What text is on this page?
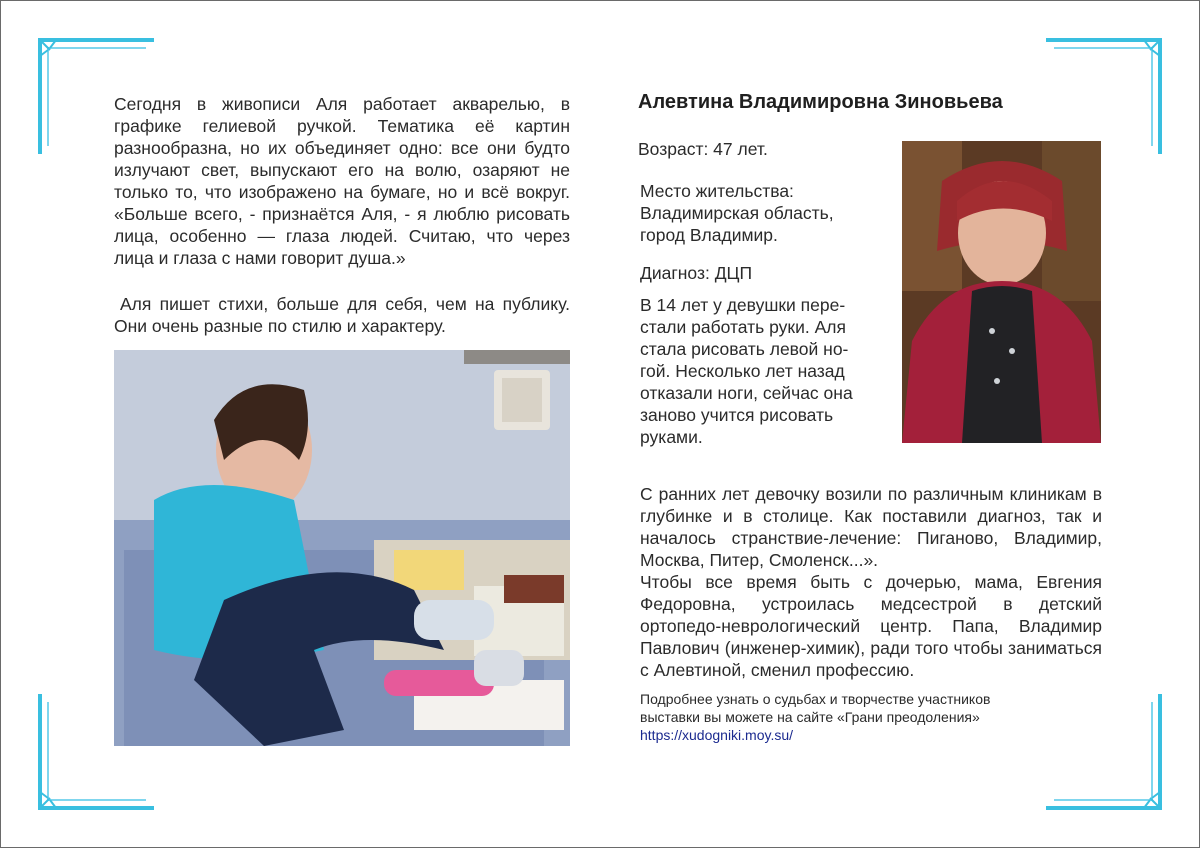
Сегодня в живописи Аля работает акварелью, в графике гелиевой ручкой. Тематика её картин разнообразна, но их объединяет одно: все они будто излучают свет, выпускают его на волю, озаряют не только то, что изображено на бумаге, но и всё вокруг. «Больше всего, - признаётся Аля, - я люблю рисовать лица, особенно — глаза людей. Считаю, что через лица и глаза с нами говорит душа.»

Аля пишет стихи, больше для себя, чем на публику. Они очень разные по стилю и характеру.

Алевтина Владимировна Зиновьева
Возраст: 47 лет.
Место жительства:
Владимирская область,
город Владимир.
Диагноз: ДЦП
В 14 лет у девушки пере-
стали работать руки. Аля
стала рисовать левой но-
гой. Несколько лет назад
отказали ноги, сейчас она
заново учится рисовать
руками.

С ранних лет девочку возили по различным клиникам в глубинке и в столице. Как поставили диагноз, так и началось странствие-лечение: Пиганово, Владимир, Москва, Питер, Смоленск...».

Чтобы все время быть с дочерью, мама, Евгения Федоровна, устроилась медсестрой в детский ортопедо-неврологический центр. Папа, Владимир Павлович (инженер-химик), ради того чтобы заниматься с Алевтиной, сменил профессию.

Подробнее узнать о судьбах и творчестве участников
выставки вы можете на сайте «Грани преодоления»
https://xudogniki.moy.su/
